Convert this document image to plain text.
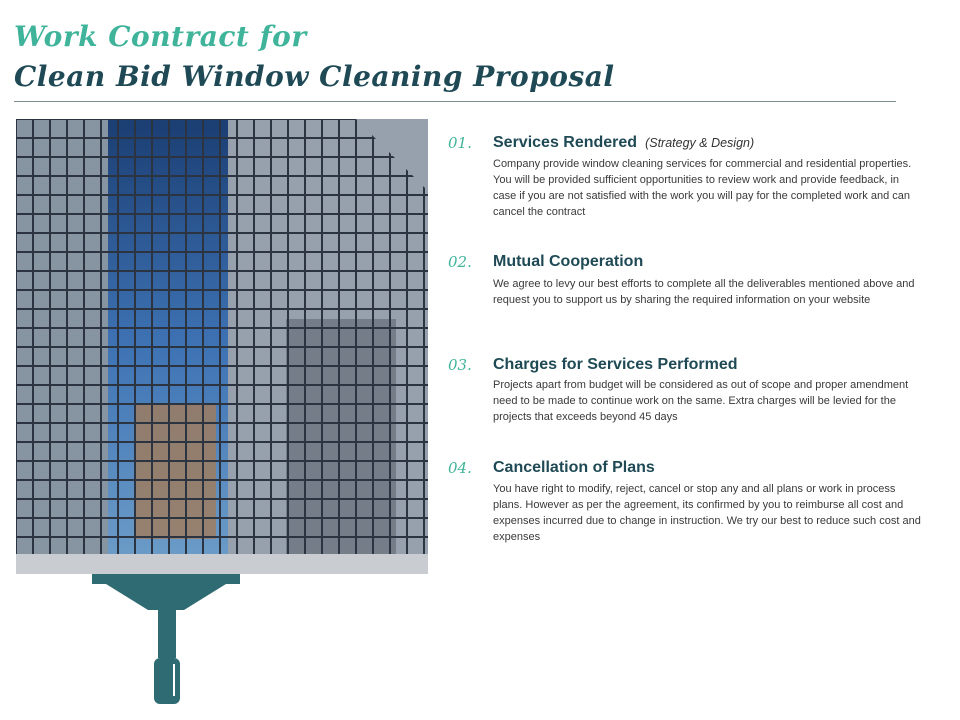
Work Contract for
Clean Bid Window Cleaning Proposal
01. Services Rendered (Strategy & Design)
Company provide window cleaning services for commercial and residential properties. You will be provided sufficient opportunities to review work and provide feedback, in case if you are not satisfied with the work you will pay for the completed work and can cancel the contract
02. Mutual Cooperation
We agree to levy our best efforts to complete all the deliverables mentioned above and request you to support us by sharing the required information on your website
03. Charges for Services Performed
Projects apart from budget will be considered as out of scope and proper amendment need to be made to continue work on the same. Extra charges will be levied for the projects that exceeds beyond 45 days
04. Cancellation of Plans
You have right to modify, reject, cancel or stop any and all plans or work in process plans. However as per the agreement, its confirmed by you to reimburse all cost and expenses incurred due to change in instruction. We try our best to reduce such cost and expenses
